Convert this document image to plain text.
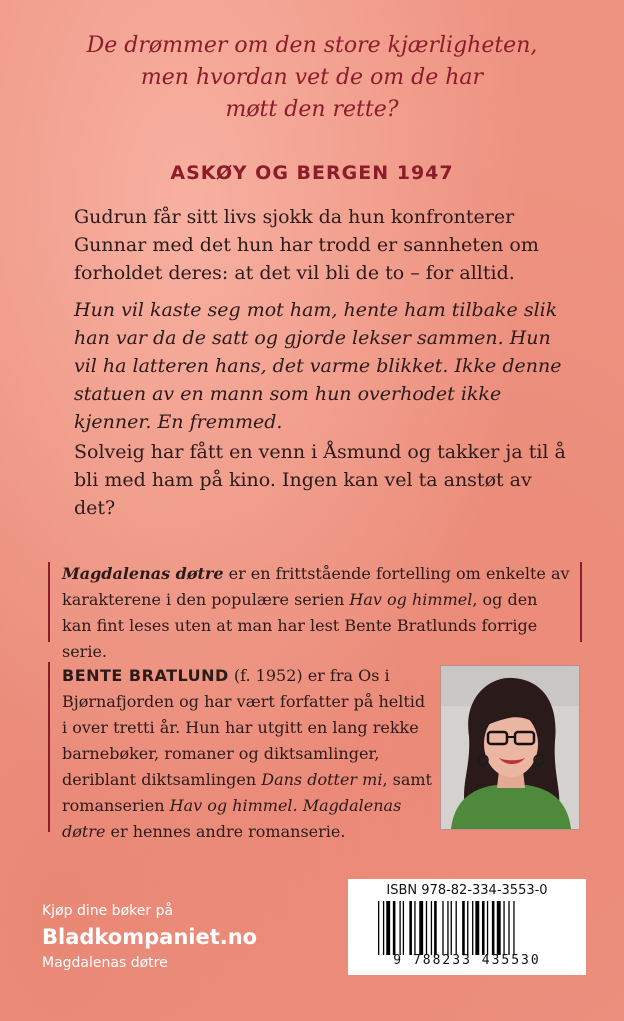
De drømmer om den store kjærligheten,
men hvordan vet de om de har
møtt den rette?
ASKØY OG BERGEN 1947
Gudrun får sitt livs sjokk da hun konfronterer Gunnar med det hun har trodd er sannheten om forholdet deres: at det vil bli de to – for alltid.
Hun vil kaste seg mot ham, hente ham tilbake slik han var da de satt og gjorde lekser sammen. Hun vil ha latteren hans, det varme blikket. Ikke denne statuen av en mann som hun overhodet ikke kjenner. En fremmed.
Solveig har fått en venn i Åsmund og takker ja til å bli med ham på kino. Ingen kan vel ta anstøt av det?
Magdalenas døtre er en frittstående fortelling om enkelte av karakterene i den populære serien Hav og himmel, og den kan fint leses uten at man har lest Bente Bratlunds forrige serie.
BENTE BRATLUND (f. 1952) er fra Os i Bjørnafjorden og har vært forfatter på heltid i over tretti år. Hun har utgitt en lang rekke barnebøker, romaner og diktsamlinger, deriblant diktsamlingen Dans dotter mi, samt romanserien Hav og himmel. Magdalenas døtre er hennes andre romanserie.
Kjøp dine bøker på
Bladkompaniet.no
Magdalenas døtre
ISBN 978-82-334-3553-0
9 788233 435530
